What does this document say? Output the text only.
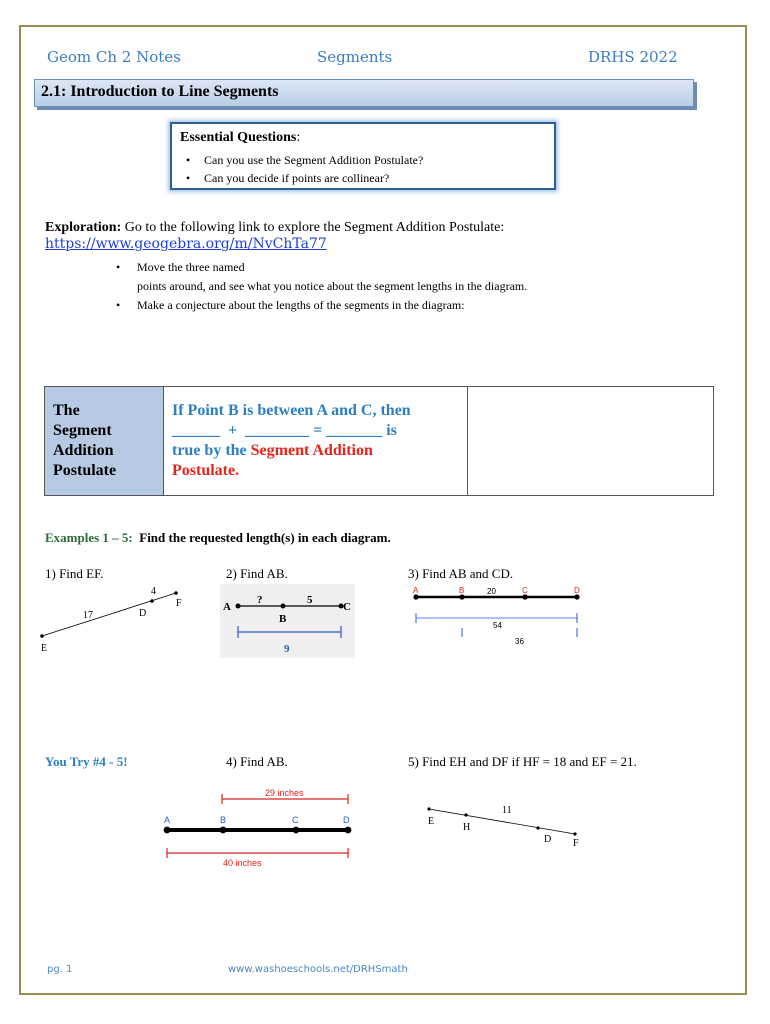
Geom Ch 2 Notes	Segments	DRHS 2022
2.1: Introduction to Line Segments
Essential Questions:
• Can you use the Segment Addition Postulate?
• Can you decide if points are collinear?
Exploration: Go to the following link to explore the Segment Addition Postulate:
https://www.geogebra.org/m/NvChTa77
• Move the three named
points around, and see what you notice about the segment lengths in the diagram.
• Make a conjecture about the lengths of the segments in the diagram:
The
Segment
Addition
Postulate

If Point B is between A and C, then
______  +  ________ = _______ is
true by the Segment Addition
Postulate.

Examples 1 – 5:  Find the requested length(s) in each diagram.
1) Find EF.	2) Find AB.	3) Find AB and CD.
E
D
F
17
4
A
B
C
?	5
9
A	B	C	D
20
54
36
You Try #4 - 5!	4) Find AB.	5) Find EH and DF if HF = 18 and EF = 21.
29 inches
A	B	C	D
40 inches
E
H
D F
11
pg. 1	www.washoeschools.net/DRHSmath
